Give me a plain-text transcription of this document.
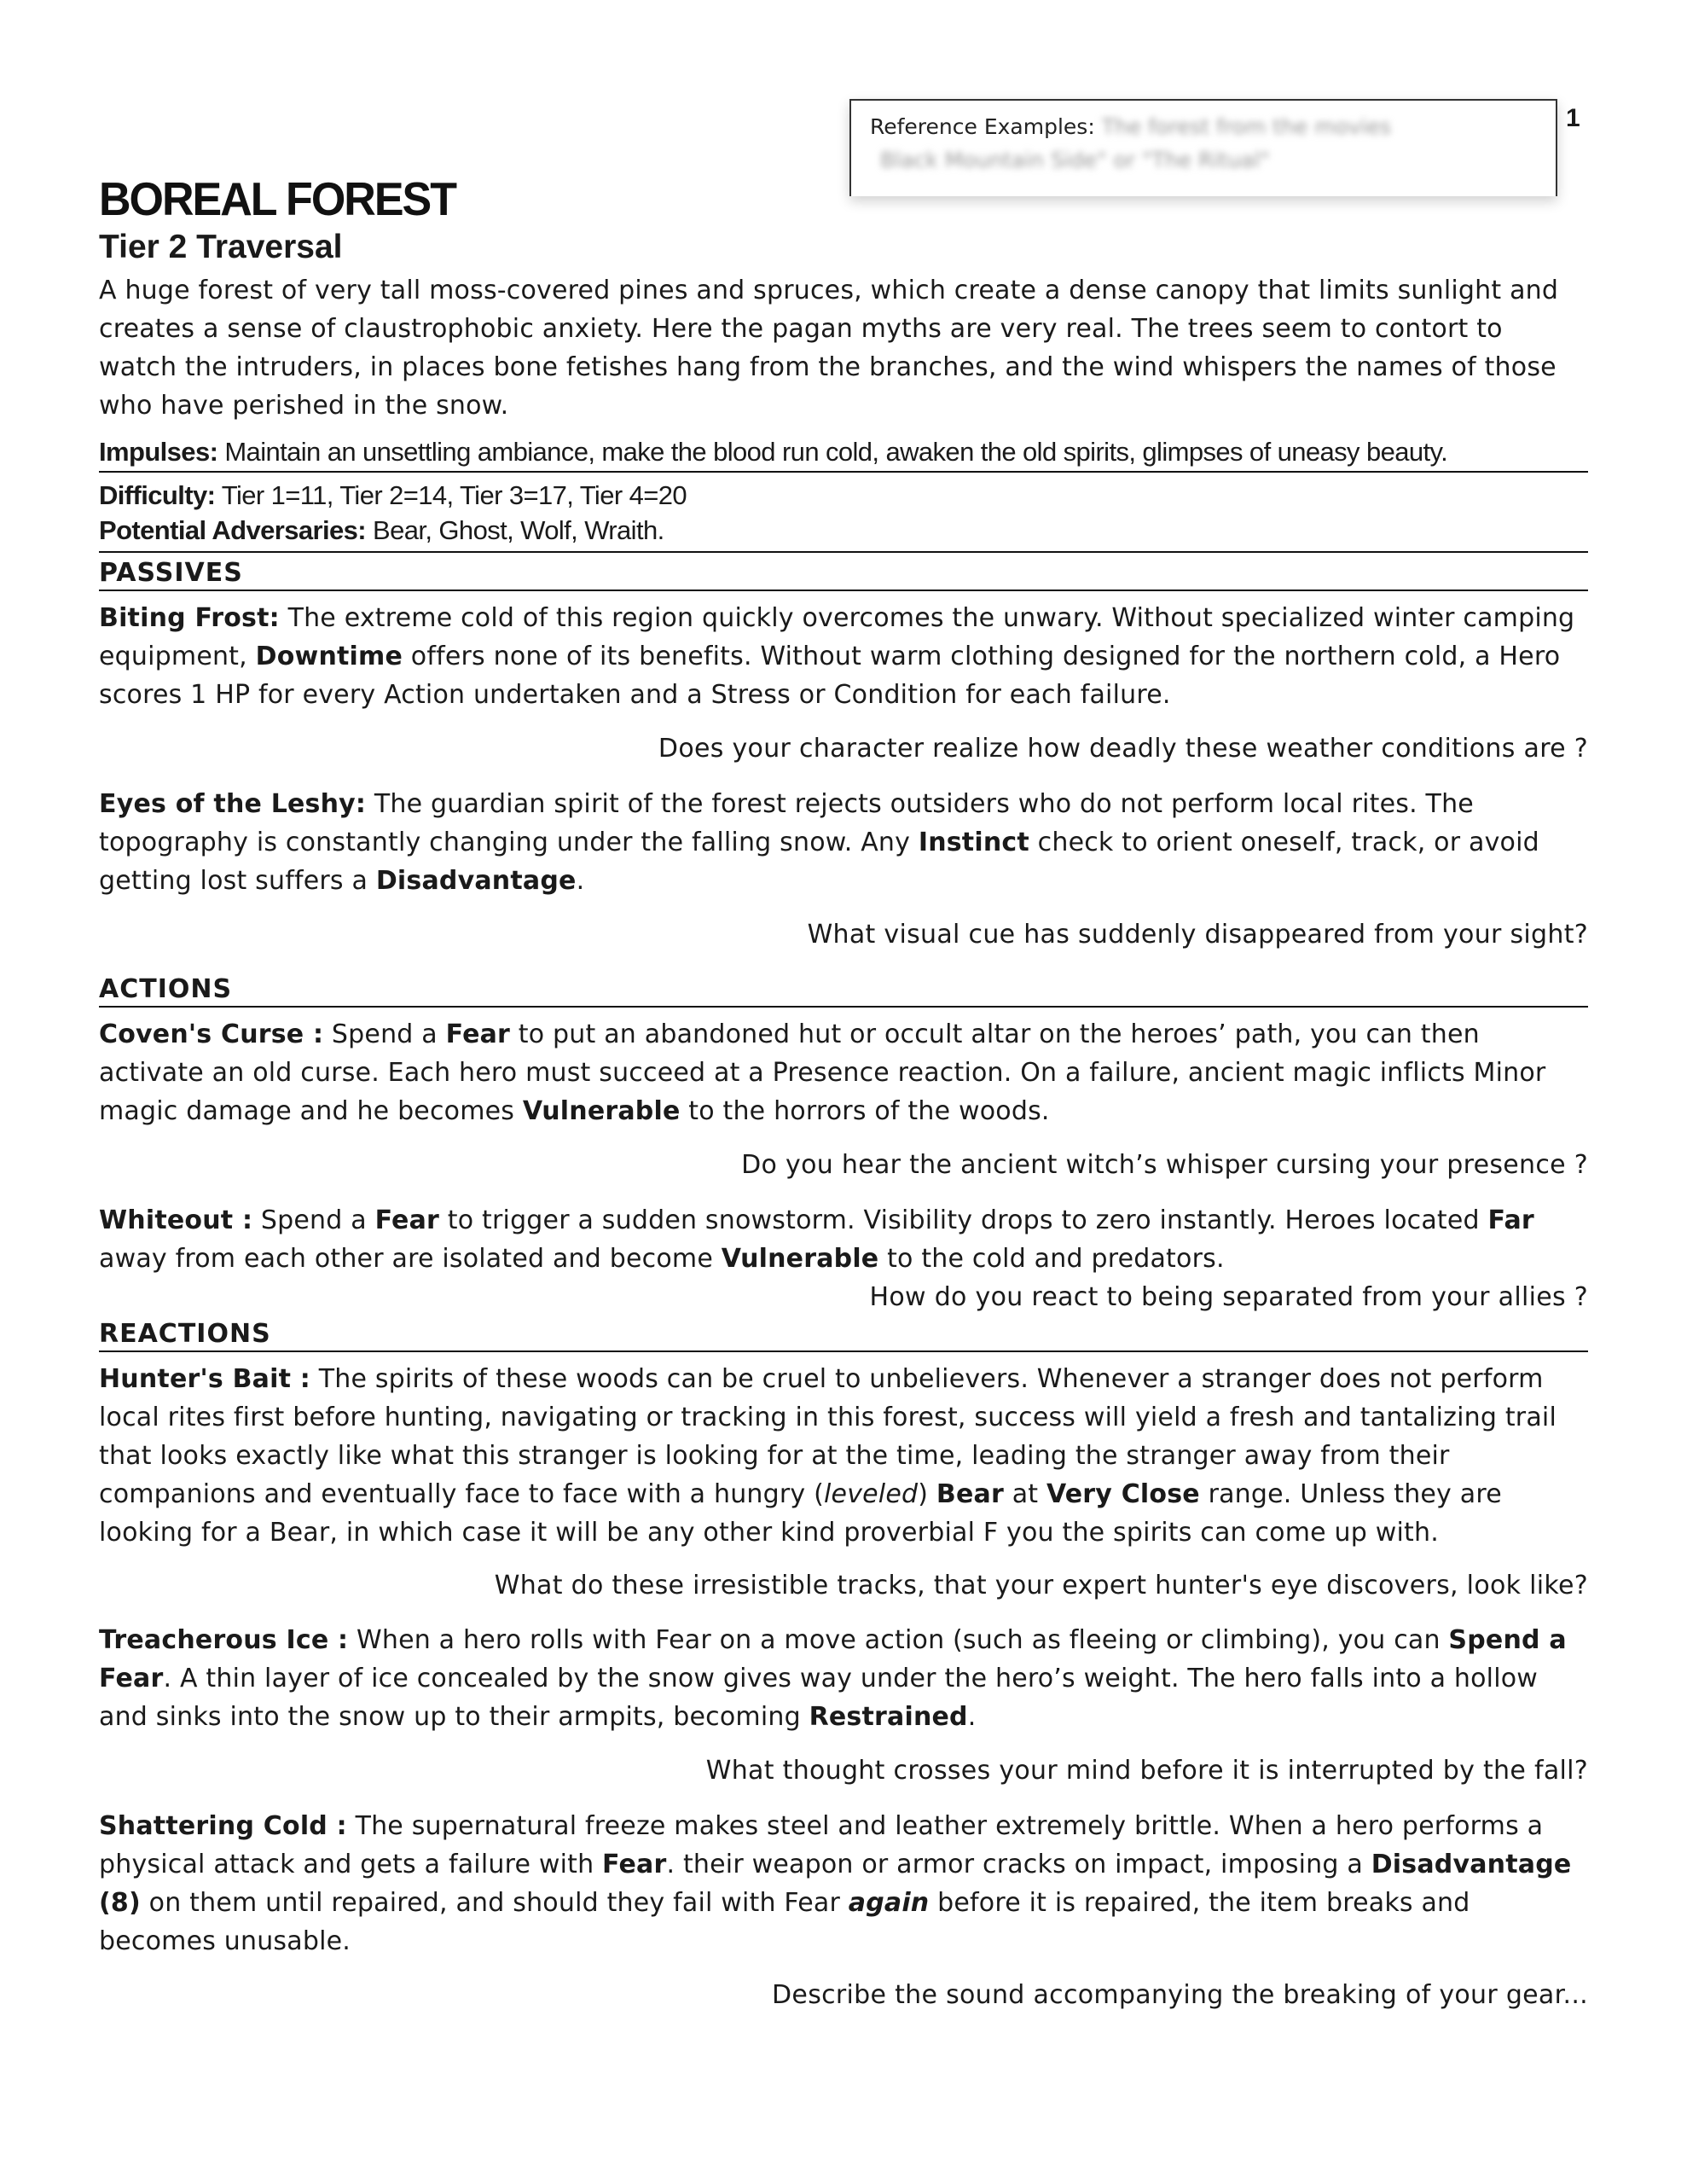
1
Reference Examples: The forest from the movies
Black Mountain Side" or "The Ritual"
BOREAL FOREST
Tier 2 Traversal
A huge forest of very tall moss-covered pines and spruces, which create a dense canopy that limits sunlight and creates a sense of claustrophobic anxiety. Here the pagan myths are very real. The trees seem to contort to watch the intruders, in places bone fetishes hang from the branches, and the wind whispers the names of those who have perished in the snow.
Impulses: Maintain an unsettling ambiance, make the blood run cold, awaken the old spirits, glimpses of uneasy beauty.
Difficulty: Tier 1=11, Tier 2=14, Tier 3=17, Tier 4=20
Potential Adversaries: Bear, Ghost, Wolf, Wraith.
PASSIVES
Biting Frost: The extreme cold of this region quickly overcomes the unwary. Without specialized winter camping equipment, Downtime offers none of its benefits. Without warm clothing designed for the northern cold, a Hero scores 1 HP for every Action undertaken and a Stress or Condition for each failure.
Does your character realize how deadly these weather conditions are ?
Eyes of the Leshy: The guardian spirit of the forest rejects outsiders who do not perform local rites. The topography is constantly changing under the falling snow. Any Instinct check to orient oneself, track, or avoid getting lost suffers a Disadvantage.
What visual cue has suddenly disappeared from your sight?
ACTIONS
Coven's Curse : Spend a Fear to put an abandoned hut or occult altar on the heroes’ path, you can then activate an old curse. Each hero must succeed at a Presence reaction. On a failure, ancient magic inflicts Minor magic damage and he becomes Vulnerable to the horrors of the woods.
Do you hear the ancient witch’s whisper cursing your presence ?
Whiteout : Spend a Fear to trigger a sudden snowstorm. Visibility drops to zero instantly. Heroes located Far away from each other are isolated and become Vulnerable to the cold and predators.
How do you react to being separated from your allies ?
REACTIONS
Hunter's Bait : The spirits of these woods can be cruel to unbelievers. Whenever a stranger does not perform local rites first before hunting, navigating or tracking in this forest, success will yield a fresh and tantalizing trail that looks exactly like what this stranger is looking for at the time, leading the stranger away from their companions and eventually face to face with a hungry (leveled) Bear at Very Close range. Unless they are looking for a Bear, in which case it will be any other kind proverbial F you the spirits can come up with.
What do these irresistible tracks, that your expert hunter's eye discovers, look like?
Treacherous Ice : When a hero rolls with Fear on a move action (such as fleeing or climbing), you can Spend a Fear. A thin layer of ice concealed by the snow gives way under the hero’s weight. The hero falls into a hollow and sinks into the snow up to their armpits, becoming Restrained.
What thought crosses your mind before it is interrupted by the fall?
Shattering Cold : The supernatural freeze makes steel and leather extremely brittle. When a hero performs a physical attack and gets a failure with Fear. their weapon or armor cracks on impact, imposing a Disadvantage (8) on them until repaired, and should they fail with Fear again before it is repaired, the item breaks and becomes unusable.
Describe the sound accompanying the breaking of your gear...
